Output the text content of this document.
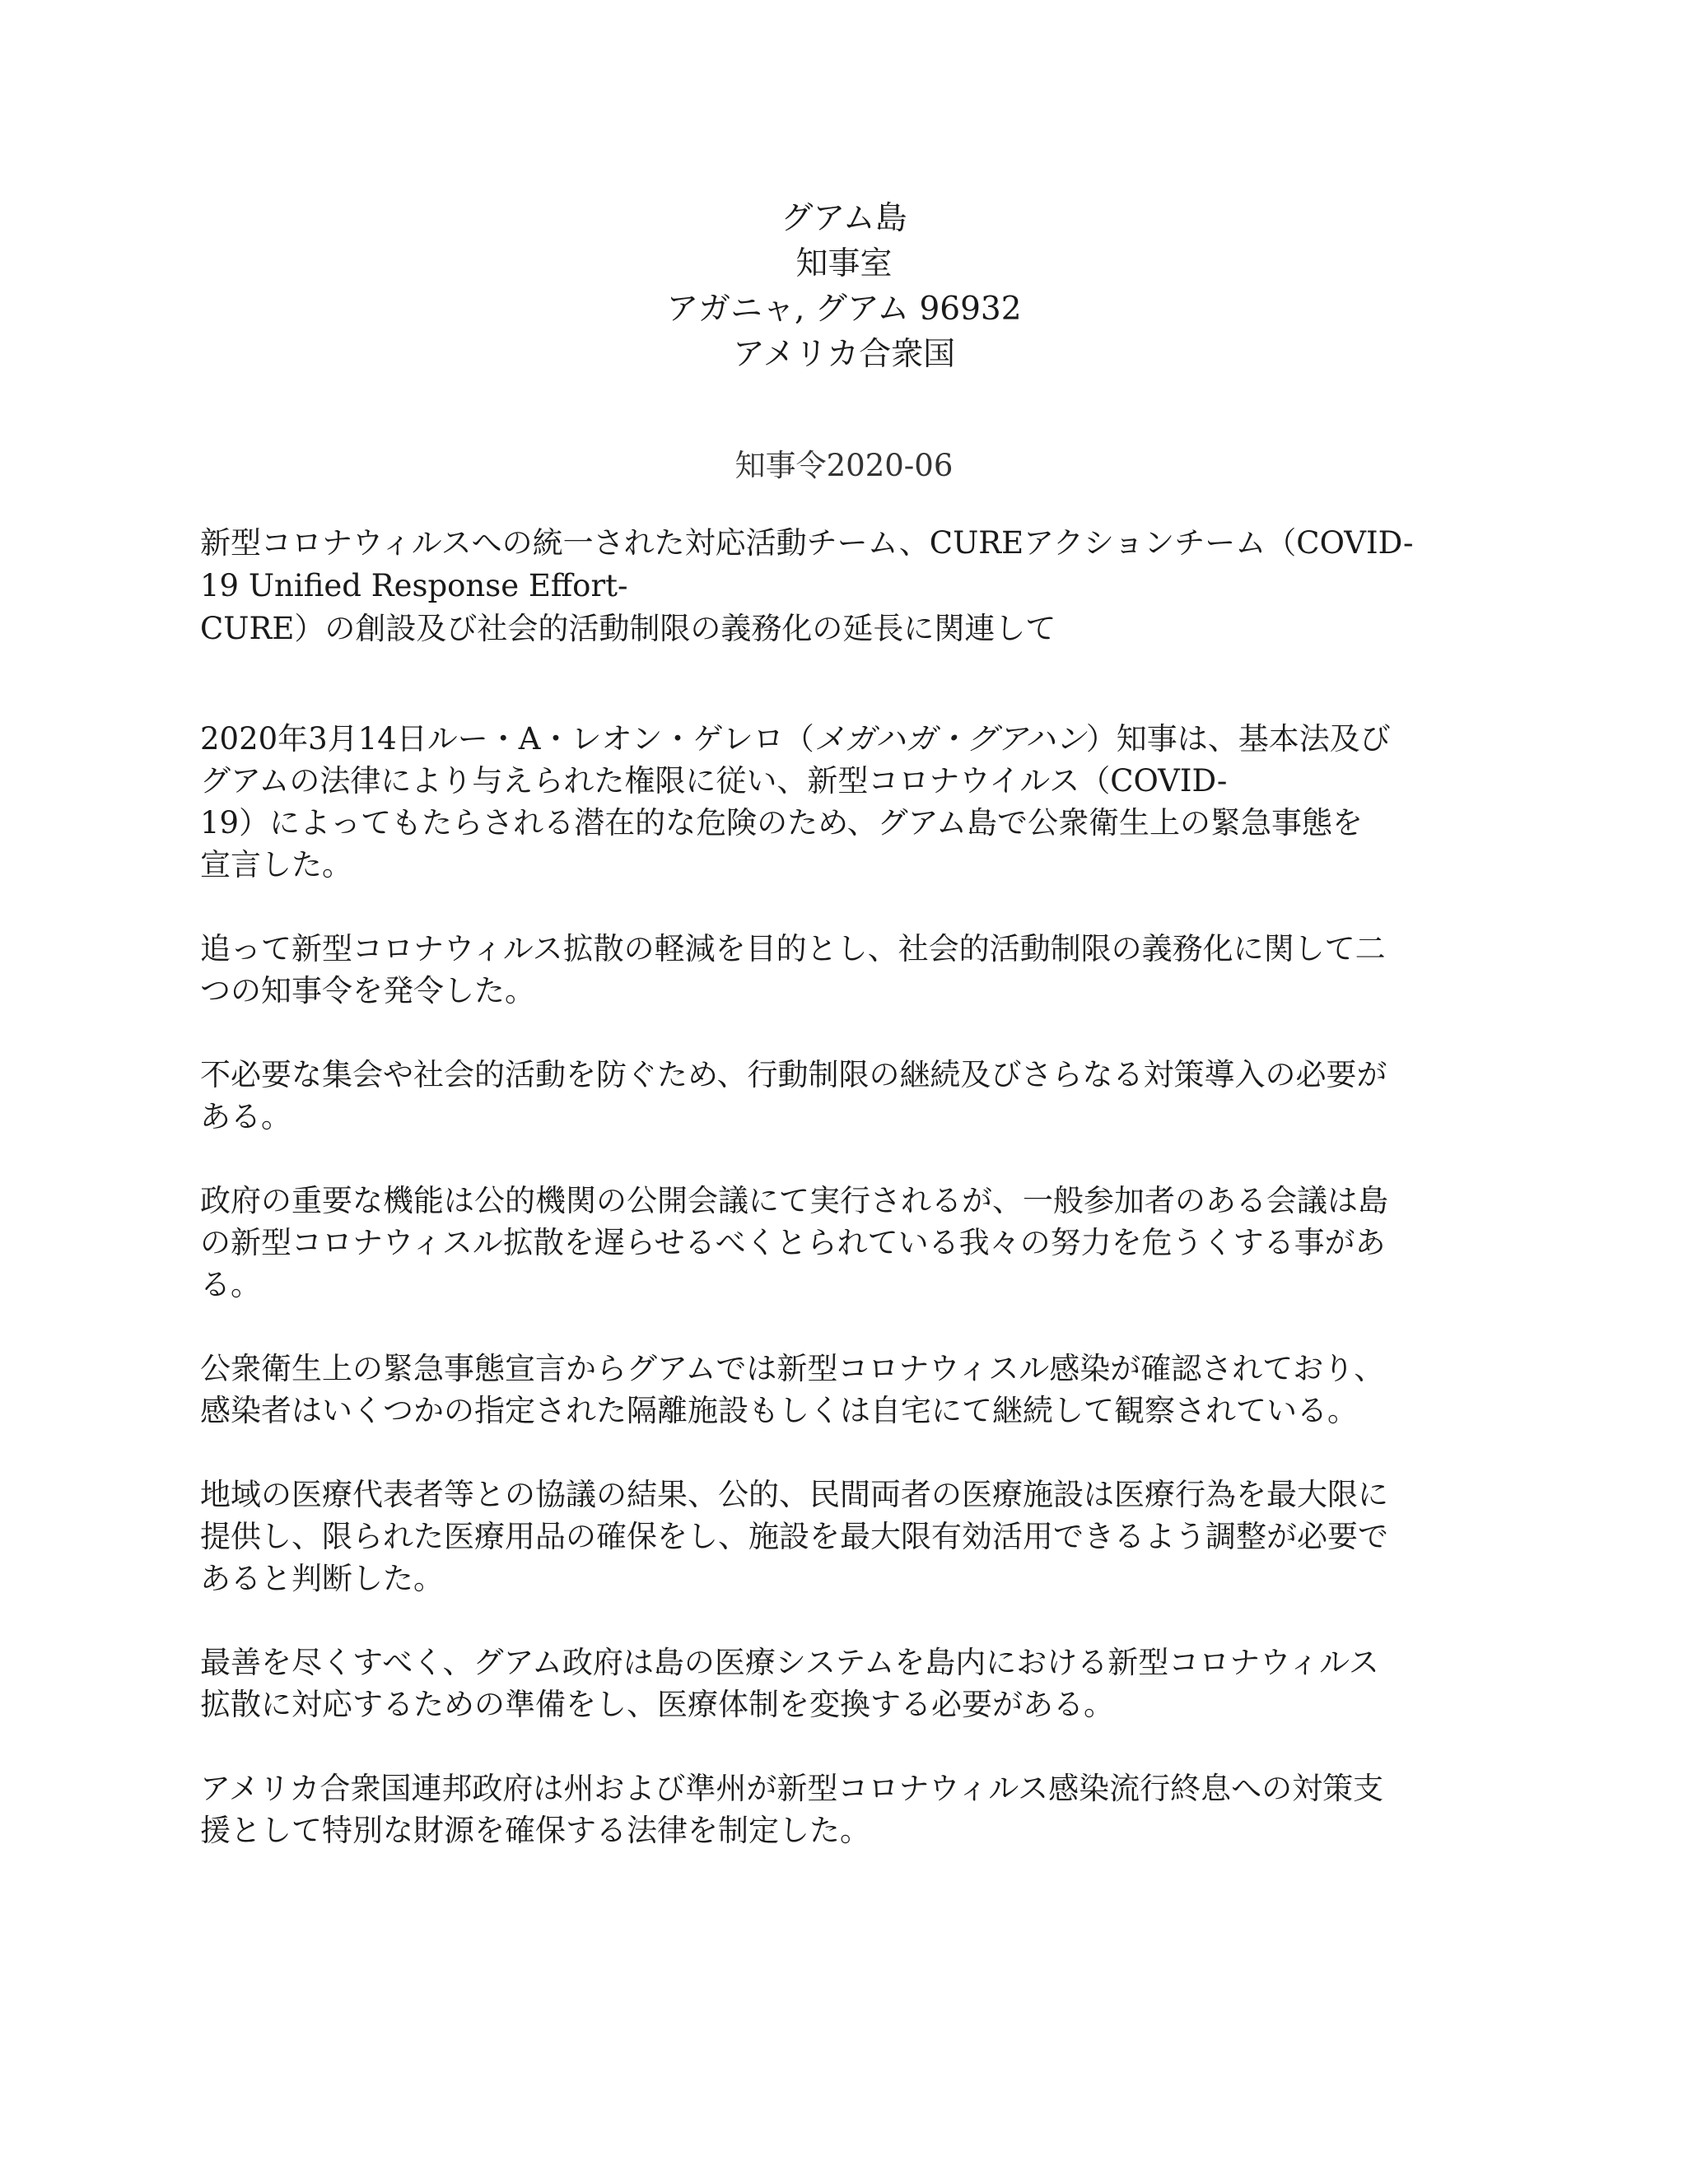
グアム島
知事室
アガニャ, グアム 96932
アメリカ合衆国
知事令2020-06
新型コロナウィルスへの統一された対応活動チーム、CUREアクションチーム（COVID-
19 Unified Response Effort-
CURE）の創設及び社会的活動制限の義務化の延長に関連して
2020年3月14日ルー・A・レオン・ゲレロ（メガハガ・グアハン）知事は、基本法及び
グアムの法律により与えられた権限に従い、新型コロナウイルス（COVID-
19）によってもたらされる潜在的な危険のため、グアム島で公衆衛生上の緊急事態を
宣言した。
追って新型コロナウィルス拡散の軽減を目的とし、社会的活動制限の義務化に関して二
つの知事令を発令した。
不必要な集会や社会的活動を防ぐため、行動制限の継続及びさらなる対策導入の必要が
ある。
政府の重要な機能は公的機関の公開会議にて実行されるが、一般参加者のある会議は島
の新型コロナウィスル拡散を遅らせるべくとられている我々の努力を危うくする事があ
る。
公衆衛生上の緊急事態宣言からグアムでは新型コロナウィスル感染が確認されており、
感染者はいくつかの指定された隔離施設もしくは自宅にて継続して観察されている。
地域の医療代表者等との協議の結果、公的、民間両者の医療施設は医療行為を最大限に
提供し、限られた医療用品の確保をし、施設を最大限有効活用できるよう調整が必要で
あると判断した。
最善を尽くすべく、グアム政府は島の医療システムを島内における新型コロナウィルス
拡散に対応するための準備をし、医療体制を変換する必要がある。
アメリカ合衆国連邦政府は州および準州が新型コロナウィルス感染流行終息への対策支
援として特別な財源を確保する法律を制定した。
